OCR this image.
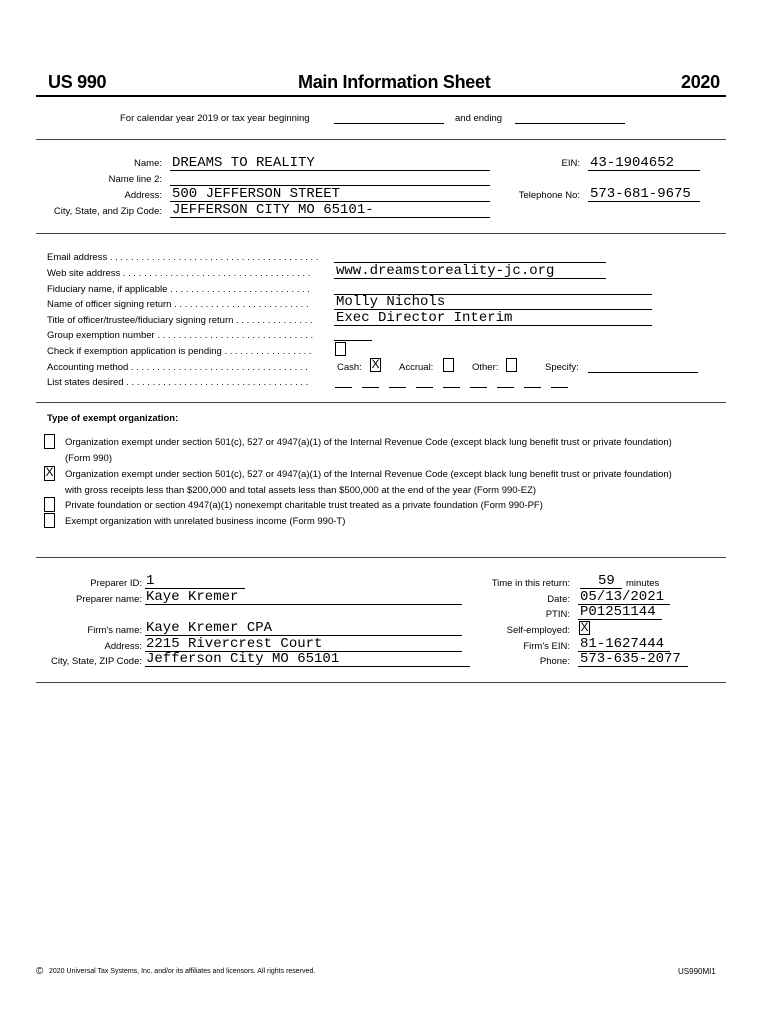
US 990	Main Information Sheet	2020
For calendar year 2019 or tax year beginning	and ending
Name: DREAMS TO REALITY
Name line 2:
Address: 500 JEFFERSON STREET
City, State, and Zip Code: JEFFERSON CITY MO 65101-
EIN: 43-1904652
Telephone No: 573-681-9675
Email address . . . . . . . . . . . . . . . . . . . . . . . . . . . . . . . . . . . . . . . .
Web site address . . . . . . . . . . . . . . . . . . . . . . . . . . . . . . . . . . . .	www.dreamstoreality-jc.org
Fiduciary name, if applicable . . . . . . . . . . . . . . . . . . . . . . . . . . .
Name of officer signing return . . . . . . . . . . . . . . . . . . . . . . . . . .	Molly Nichols
Title of officer/trustee/fiduciary signing return . . . . . . . . . . . . . . .	Exec Director Interim
Group exemption number . . . . . . . . . . . . . . . . . . . . . . . . . . . . . .
Check if exemption application is pending . . . . . . . . . . . . . . . . .
Accounting method . . . . . . . . . . . . . . . . . . . . . . . . . . . . . . . . . .	Cash: X Accrual:	Other:	Specify:
List states desired . . . . . . . . . . . . . . . . . . . . . . . . . . . . . . . . . . .
Type of exempt organization:
Organization exempt under section 501(c), 527 or 4947(a)(1) of the Internal Revenue Code (except black lung benefit trust or private foundation)
(Form 990)
X Organization exempt under section 501(c), 527 or 4947(a)(1) of the Internal Revenue Code (except black lung benefit trust or private foundation)
with gross receipts less than $200,000 and total assets less than $500,000 at the end of the year (Form 990-EZ)
Private foundation or section 4947(a)(1) nonexempt charitable trust treated as a private foundation (Form 990-PF)
Exempt organization with unrelated business income (Form 990-T)
Preparer ID: 1
Preparer name: Kaye Kremer
Firm's name: Kaye Kremer CPA
Address: 2215 Rivercrest Court
City, State, ZIP Code: Jefferson City MO 65101
Time in this return: 59 minutes
Date: 05/13/2021
PTIN: P01251144
Self-employed: X
Firm's EIN: 81-1627444
Phone: 573-635-2077
© 2020 Universal Tax Systems, Inc. and/or its affiliates and licensors. All rights reserved.	US990MI1
